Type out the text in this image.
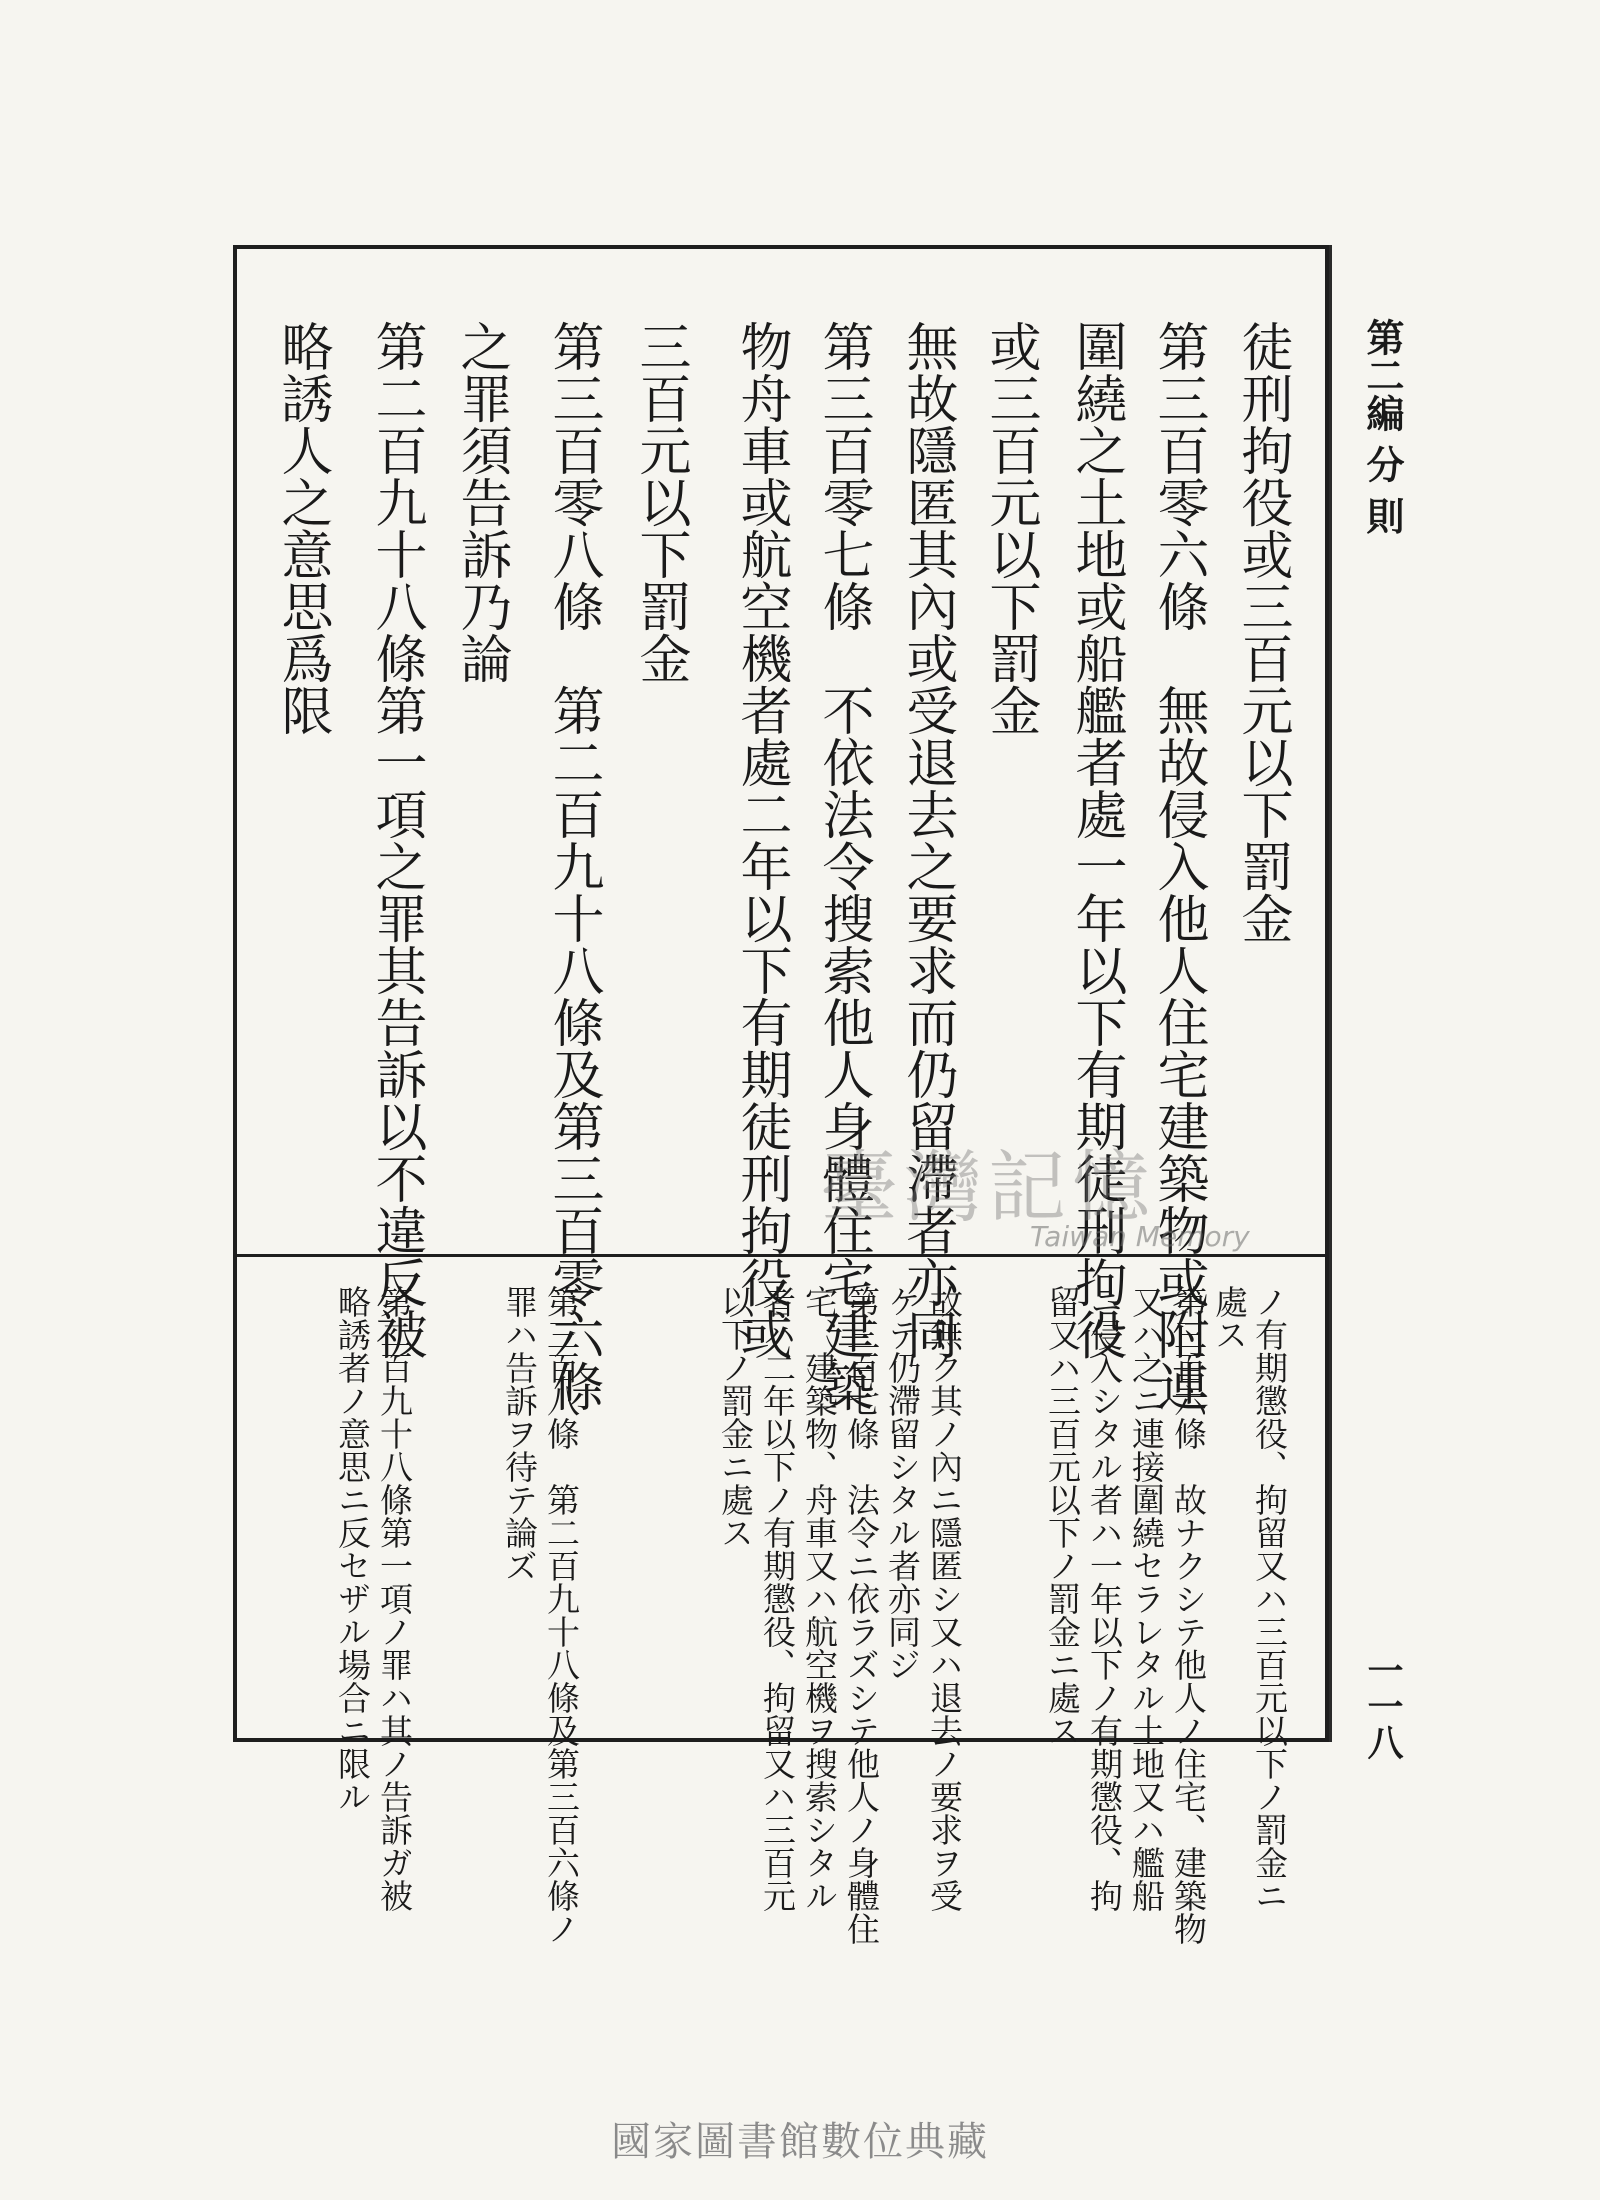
第二編 分 則
一一八
徒刑拘役或三百元以下罰金
第三百零六條　無故侵入他人住宅建築物或附連
圍繞之土地或船艦者處一年以下有期徒刑拘役
或三百元以下罰金
無故隱匿其內或受退去之要求而仍留滯者亦同
第三百零七條　不依法令搜索他人身體住宅建築
物舟車或航空機者處二年以下有期徒刑拘役或
三百元以下罰金
第三百零八條　第二百九十八條及第三百零六條
之罪須告訴乃論
第二百九十八條第一項之罪其告訴以不違反被
略誘人之意思爲限
ノ有期懲役、拘留又ハ三百元以下ノ罰金ニ
處ス
第三百六條　故ナクシテ他人ノ住宅、建築物
又ハ之ニ連接圍繞セラレタル土地又ハ艦船
ニ侵入シタル者ハ一年以下ノ有期懲役、拘
留又ハ三百元以下ノ罰金ニ處ス
故無ク其ノ內ニ隱匿シ又ハ退去ノ要求ヲ受
ケテ仍滯留シタル者亦同ジ
第三百七條　法令ニ依ラズシテ他人ノ身體住
宅、建築物、舟車又ハ航空機ヲ搜索シタル
者ハ二年以下ノ有期懲役、拘留又ハ三百元
以下ノ罰金ニ處ス
第三百八條　第二百九十八條及第三百六條ノ
罪ハ告訴ヲ待テ論ズ
第二百九十八條第一項ノ罪ハ其ノ告訴ガ被
略誘者ノ意思ニ反セザル場合ニ限ル
臺灣記憶
Taiwan Memory
國家圖書館數位典藏
